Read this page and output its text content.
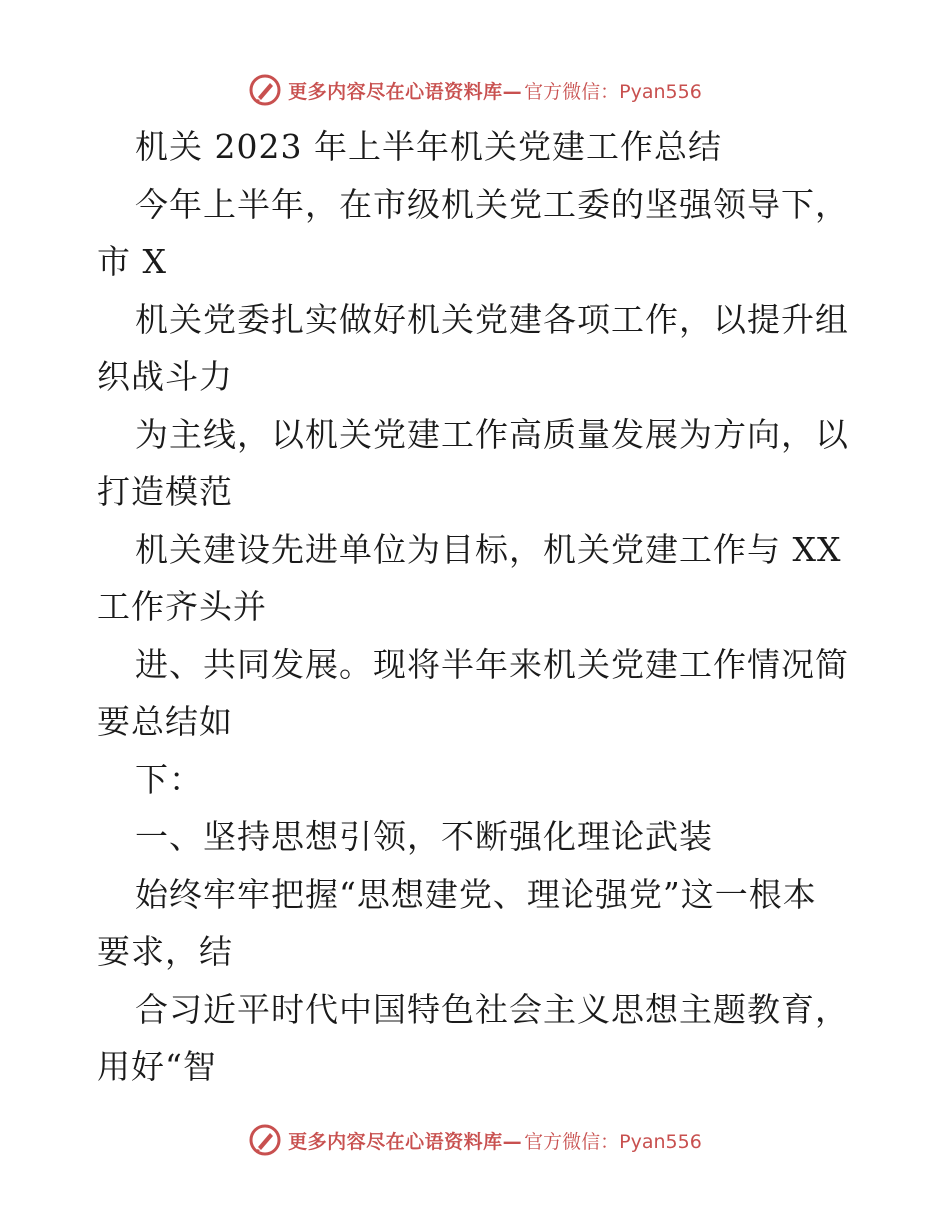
更多内容尽在心语资料库— 官方微信：Pyan556
机关 2023 年上半年机关党建工作总结
今年上半年，在市级机关党工委的坚强领导下，
市 X
机关党委扎实做好机关党建各项工作，以提升组
织战斗力
为主线，以机关党建工作高质量发展为方向，以
打造模范
机关建设先进单位为目标，机关党建工作与 XX
工作齐头并
进、共同发展。现将半年来机关党建工作情况简
要总结如
下：
一、坚持思想引领，不断强化理论武装
始终牢牢把握“思想建党、理论强党”这一根本
要求，结
合习近平时代中国特色社会主义思想主题教育，
用好“智
更多内容尽在心语资料库— 官方微信：Pyan556
